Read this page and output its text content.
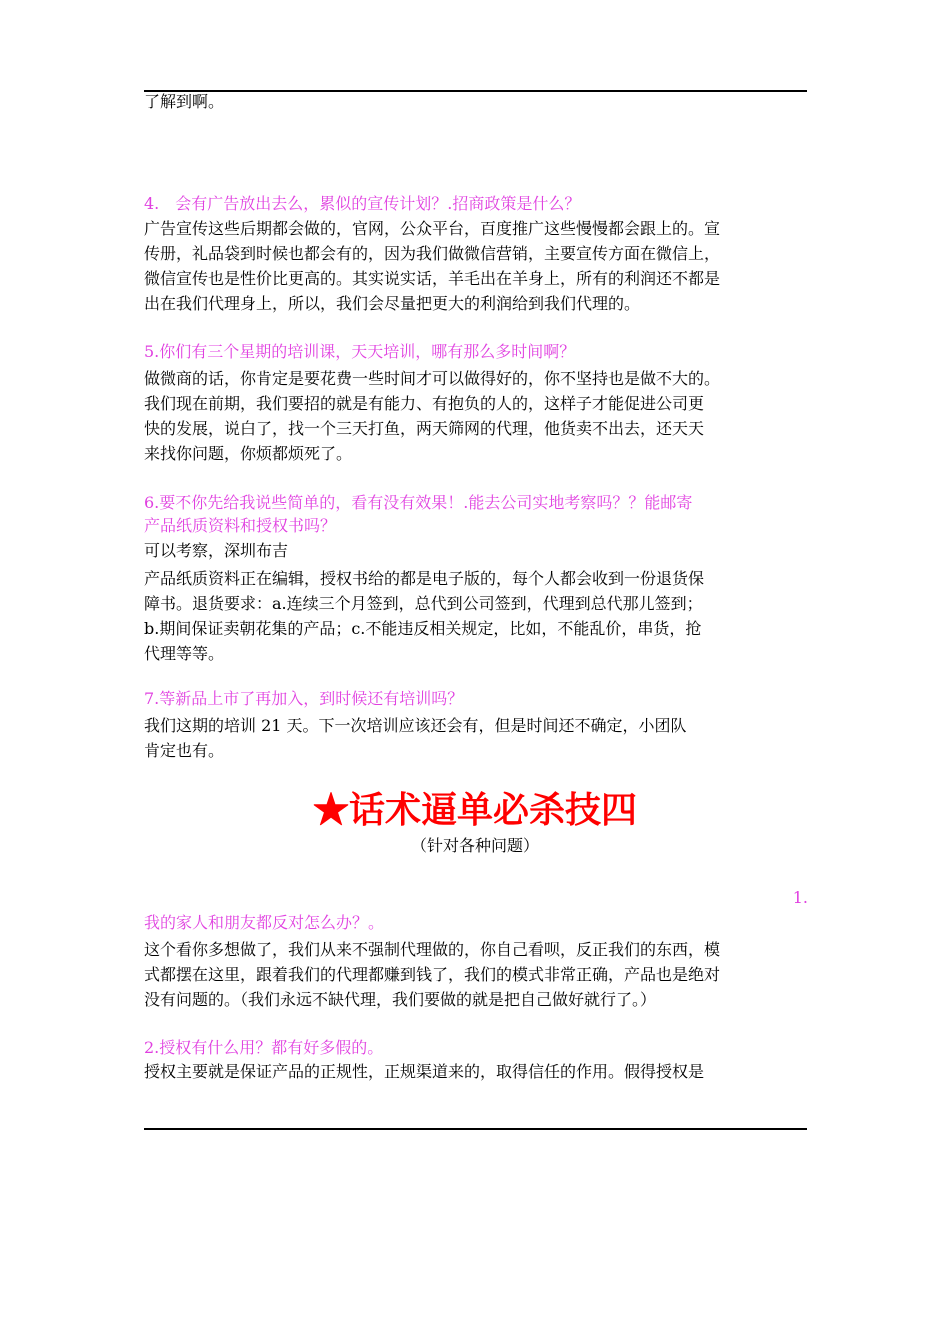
了解到啊。
4.　会有广告放出去么，累似的宣传计划？.招商政策是什么？
广告宣传这些后期都会做的，官网，公众平台，百度推广这些慢慢都会跟上的。宣
传册，礼品袋到时候也都会有的，因为我们做微信营销，主要宣传方面在微信上，
微信宣传也是性价比更高的。其实说实话，羊毛出在羊身上，所有的利润还不都是
出在我们代理身上，所以，我们会尽量把更大的利润给到我们代理的。
5.你们有三个星期的培训课，天天培训，哪有那么多时间啊？
做微商的话，你肯定是要花费一些时间才可以做得好的，你不坚持也是做不大的。
我们现在前期，我们要招的就是有能力、有抱负的人的，这样子才能促进公司更
快的发展，说白了，找一个三天打鱼，两天筛网的代理，他货卖不出去，还天天
来找你问题，你烦都烦死了。
6.要不你先给我说些简单的，看有没有效果！.能去公司实地考察吗？？能邮寄
产品纸质资料和授权书吗？
可以考察，深圳布吉
产品纸质资料正在编辑，授权书给的都是电子版的，每个人都会收到一份退货保
障书。退货要求：a.连续三个月签到，总代到公司签到，代理到总代那儿签到；
b.期间保证卖朝花集的产品；c.不能违反相关规定，比如，不能乱价，串货，抢
代理等等。
7.等新品上市了再加入，到时候还有培训吗？
我们这期的培训 21 天。下一次培训应该还会有，但是时间还不确定，小团队
肯定也有。
我的家人和朋友都反对怎么办？。
这个看你多想做了，我们从来不强制代理做的，你自己看呗，反正我们的东西，模
式都摆在这里，跟着我们的代理都赚到钱了，我们的模式非常正确，产品也是绝对
没有问题的。（我们永远不缺代理，我们要做的就是把自己做好就行了。）
2.授权有什么用？都有好多假的。
授权主要就是保证产品的正规性，正规渠道来的，取得信任的作用。假得授权是
★话术逼单必杀技四
（针对各种问题）
1.
